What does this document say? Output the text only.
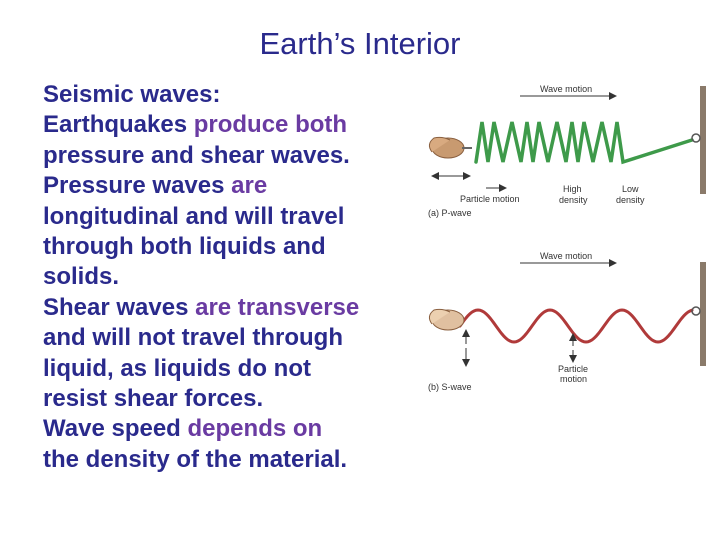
Earth’s Interior
Seismic waves:
Earthquakes produce both
pressure and shear waves.
Pressure waves are
longitudinal and will travel
through both liquids and
solids.
Shear waves are transverse
and will not travel through
liquid, as liquids do not
resist shear forces.
Wave speed depends on
the density of the material.
Wave motion
Particle motion
High
density
Low
density
(a) P-wave
Wave motion
Particle
motion
(b) S-wave
